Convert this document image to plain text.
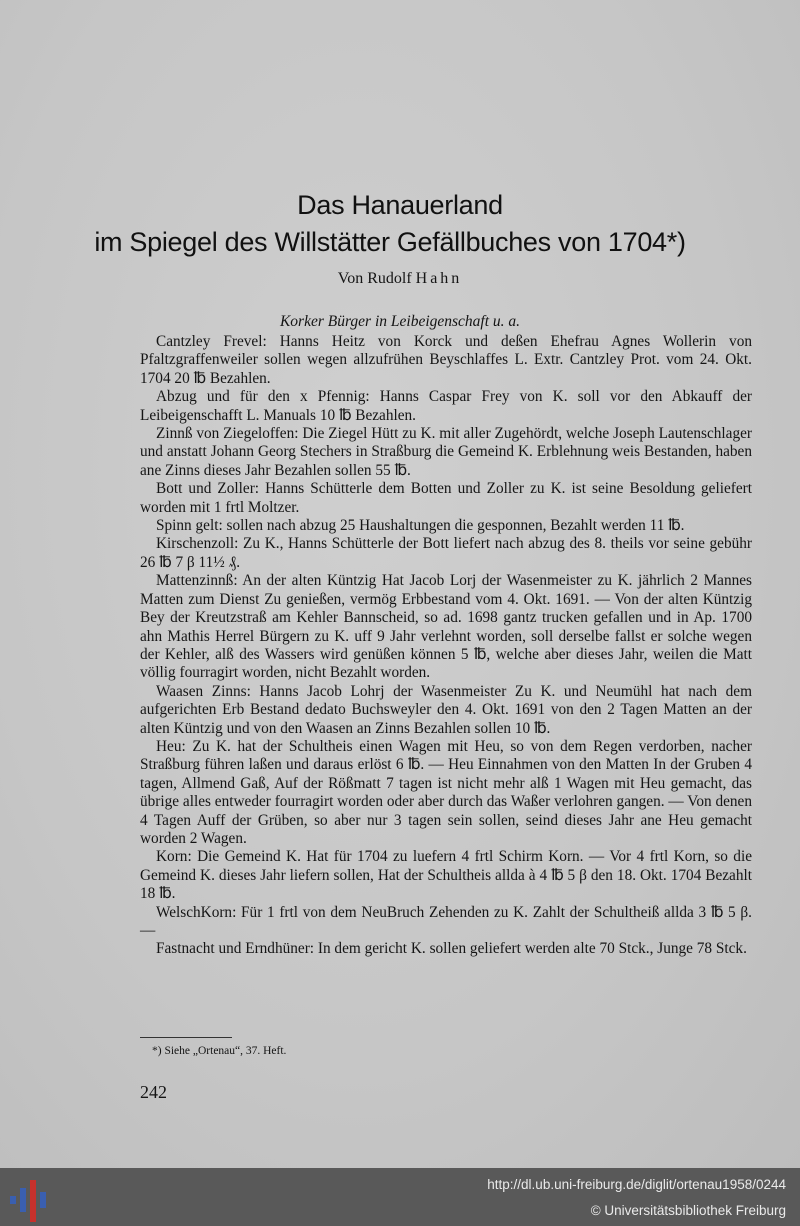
Das Hanauerland
im Spiegel des Willstätter Gefällbuches von 1704*)
Von Rudolf Hahn
Korker Bürger in Leibeigenschaft u. a.

Cantzley Frevel: Hanns Heitz von Korck und deßen Ehefrau Agnes Wollerin von Pfaltzgraffenweiler sollen wegen allzufrühen Beyschlaffes L. Extr. Cantzley Prot. vom 24. Okt. 1704 20 ℔ Bezahlen.

Abzug und für den x Pfennig: Hanns Caspar Frey von K. soll vor den Abkauff der Leibeigenschafft L. Manuals 10 ℔ Bezahlen.

Zinnß von Ziegeloffen: Die Ziegel Hütt zu K. mit aller Zugehördt, welche Joseph Lautenschlager und anstatt Johann Georg Stechers in Straßburg die Gemeind K. Erblehnung weis Bestanden, haben ane Zinns dieses Jahr Bezahlen sollen 55 ℔.

Bott und Zoller: Hanns Schütterle dem Botten und Zoller zu K. ist seine Besoldung geliefert worden mit 1 frtl Moltzer.

Spinn gelt: sollen nach abzug 25 Haushaltungen die gesponnen, Bezahlt werden 11 ℔.

Kirschenzoll: Zu K., Hanns Schütterle der Bott liefert nach abzug des 8. theils vor seine gebühr 26 ℔ 7 β 11½ ₰.

Mattenzinnß: An der alten Küntzig Hat Jacob Lorj der Wasenmeister zu K. jährlich 2 Mannes Matten zum Dienst Zu genießen, vermög Erbbestand vom 4. Okt. 1691. — Von der alten Küntzig Bey der Kreutzstraß am Kehler Bannscheid, so ad. 1698 gantz trucken gefallen und in Ap. 1700 ahn Mathis Herrel Bürgern zu K. uff 9 Jahr verlehnt worden, soll derselbe fallst er solche wegen der Kehler, alß des Wassers wird genüßen können 5 ℔, welche aber dieses Jahr, weilen die Matt völlig fourragirt worden, nicht Bezahlt worden.

Waasen Zinns: Hanns Jacob Lohrj der Wasenmeister Zu K. und Neumühl hat nach dem aufgerichten Erb Bestand dedato Buchsweyler den 4. Okt. 1691 von den 2 Tagen Matten an der alten Küntzig und von den Waasen an Zinns Bezahlen sollen 10 ℔.

Heu: Zu K. hat der Schultheis einen Wagen mit Heu, so von dem Regen verdorben, nacher Straßburg führen laßen und daraus erlöst 6 ℔. — Heu Einnahmen von den Matten In der Gruben 4 tagen, Allmend Gaß, Auf der Rößmatt 7 tagen ist nicht mehr alß 1 Wagen mit Heu gemacht, das übrige alles entweder fourragirt worden oder aber durch das Waßer verlohren gangen. — Von denen 4 Tagen Auff der Grüben, so aber nur 3 tagen sein sollen, seind dieses Jahr ane Heu gemacht worden 2 Wagen.

Korn: Die Gemeind K. Hat für 1704 zu luefern 4 frtl Schirm Korn. — Vor 4 frtl Korn, so die Gemeind K. dieses Jahr liefern sollen, Hat der Schultheis allda à 4 ℔ 5 β den 18. Okt. 1704 Bezahlt 18 ℔.

WelschKorn: Für 1 frtl von dem NeuBruch Zehenden zu K. Zahlt der Schultheiß allda 3 ℔ 5 β. —

Fastnacht und Erndhüner: In dem gericht K. sollen geliefert werden alte 70 Stck., Junge 78 Stck.

*) Siehe „Ortenau“, 37. Heft.
242
http://dl.ub.uni-freiburg.de/diglit/ortenau1958/0244
© Universitätsbibliothek Freiburg
